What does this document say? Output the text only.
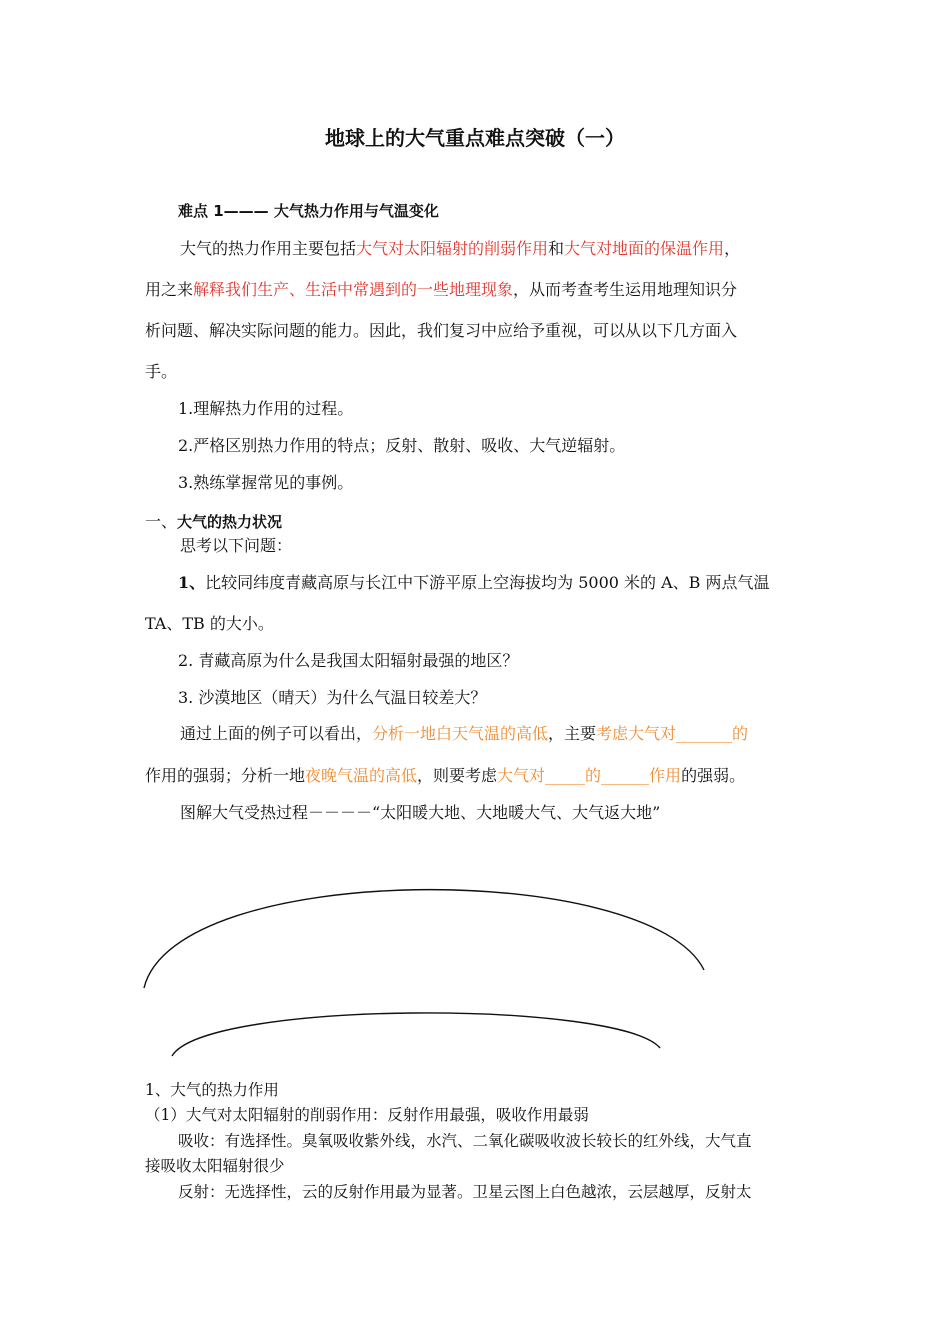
地球上的大气重点难点突破（一）
难点 1——— 大气热力作用与气温变化
大气的热力作用主要包括大气对太阳辐射的削弱作用和大气对地面的保温作用，
用之来解释我们生产、生活中常遇到的一些地理现象，从而考查考生运用地理知识分
析问题、解决实际问题的能力。因此，我们复习中应给予重视，可以从以下几方面入
手。
1.理解热力作用的过程。
2.严格区别热力作用的特点；反射、散射、吸收、大气逆辐射。
3.熟练掌握常见的事例。
一、大气的热力状况
思考以下问题：
1、比较同纬度青藏高原与长江中下游平原上空海拔均为 5000 米的 A、B 两点气温
TA、TB 的大小。
2. 青藏高原为什么是我国太阳辐射最强的地区？
3. 沙漠地区（晴天）为什么气温日较差大？
通过上面的例子可以看出，分析一地白天气温的高低，主要考虑大气对_______的
作用的强弱；分析一地夜晚气温的高低，则要考虑大气对_____的______作用的强弱。
图解大气受热过程－－－－“太阳暖大地、大地暖大气、大气返大地”
1、大气的热力作用
（1）大气对太阳辐射的削弱作用：反射作用最强，吸收作用最弱
吸收：有选择性。臭氧吸收紫外线，水汽、二氧化碳吸收波长较长的红外线，大气直
接吸收太阳辐射很少
反射：无选择性，云的反射作用最为显著。卫星云图上白色越浓，云层越厚，反射太
